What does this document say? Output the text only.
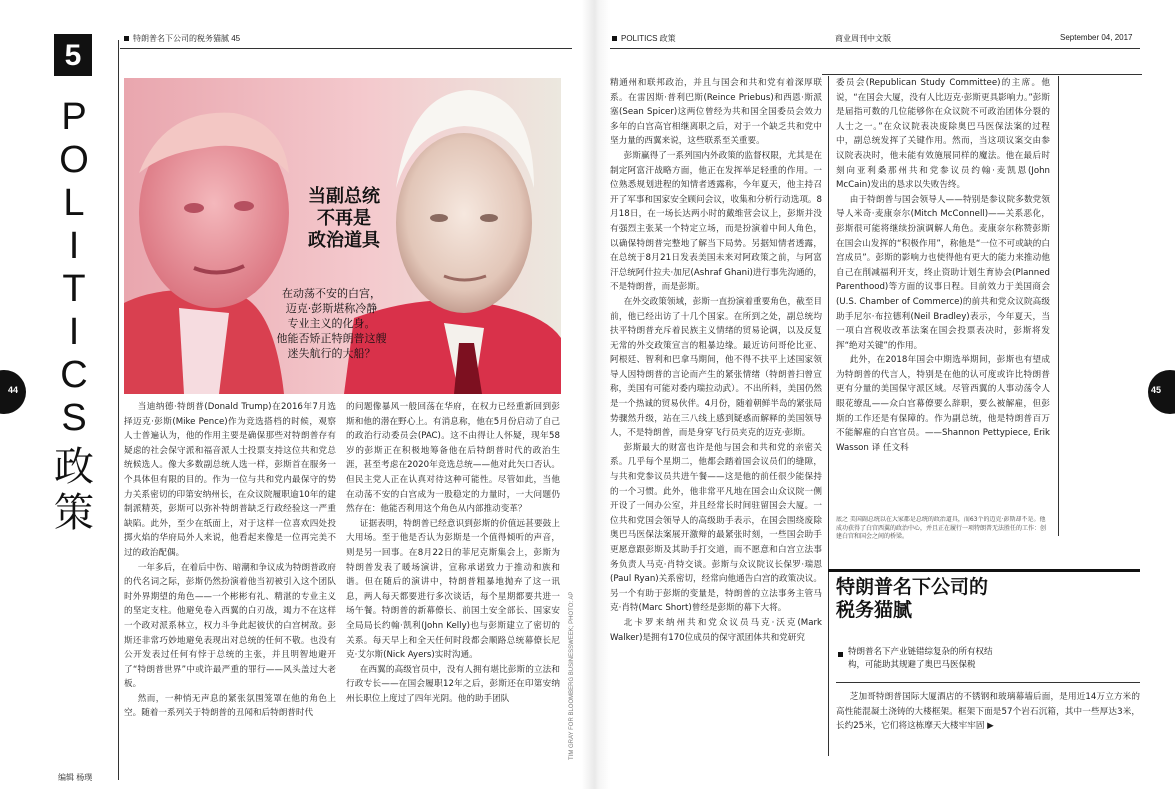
5
P
O
L
I
T
I
C
S
政
策
特朗普名下公司的税务猫腻 45
当副总统
不再是
政治道具
在动荡不安的白宫，
迈克·彭斯堪称冷静
专业主义的化身。
他能否矫正特朗普这艘
迷失航行的大船？

当迪纳德·特朗普(Donald Trump)在2016年7月选择迈克·彭斯(Mike Pence)作为竞选搭档的时候，观察人士普遍认为，他的作用主要是确保那些对特朗普存有疑虑的社会保守派和福音派人士投票支持这位共和党总统候选人。像大多数副总统人选一样，彭斯首在服务一个具体但有限的目的。作为一位与共和党内最保守的势力关系密切的印第安纳州长，在众议院履职逾10年的建制派精英，彭斯可以弥补特朗普缺乏行政经验这一严重缺陷。此外，至少在纸面上，对于这样一位喜欢四处投掷火焰的华府局外人来说，他看起来像是一位再完美不过的政治配偶。

一年多后，在着后中伤、暗潮和争议成为特朗普政府的代名词之际，彭斯仍然扮演着他当初被引入这个团队时外界期望的角色——一个彬彬有礼、精湛的专业主义的坚定支柱。他避免卷入西翼的白刃战，竭力不在这样一个政对派系林立，权力斗争此起彼伏的白宫树敌。彭斯还非常巧妙地避免表现出对总统的任何不敬。也没有公开发表过任何有悖于总统的主张，并且明智地避开了“特朗普世界”中或许最严重的罪行——风头盖过大老板。

然而，一种悄无声息的紧张氛围笼罩在他的角色上空。随着一系列关于特朗普的丑闻和后特朗普时代

的问题像暴风一般回荡在华府，在权力已经重新回到彭斯和他的潜在野心上。有消息称，他在5月份启动了自己的政治行动委员会(PAC)。这不由得让人怀疑，现年58岁的彭斯正在积极地筹备他在后特朗普时代的政治生涯，甚至考虑在2020年竞选总统——他对此矢口否认。但民主党人正在认真对待这种可能性。尽管如此，当他在动荡不安的白宫成为一股稳定的力量时，一大问题仍然存在：他能否利用这个角色从内部推动变革？

证据表明，特朗普已经意识到彭斯的价值远甚要鼓上大用场。至于他是否认为彭斯是一个值得倾听的声音，则是另一回事。在8月22日的菲尼克斯集会上，彭斯为特朗普发表了暖场演讲，宣称承诺致力于推动和族和谐。但在随后的演讲中，特朗普粗暴地抛弃了这一讯息，两人每天都要进行多次谈话，每个星期都要共进一场午餐。特朗普的新幕僚长、前国土安全部长、国家安全局局长约翰·凯利(John Kelly)也与彭斯建立了密切的关系。每天早上和全天任何时段都会顺路总统幕僚长尼克·艾尔斯(Nick Ayers)实时沟通。

在西翼的高级官员中，没有人拥有堪比彭斯的立法和行政专长——在国会履职12年之后，彭斯还在印第安纳州长职位上度过了四年光阴。他的助手团队	TIM GRAY FOR BLOOMBERG BUSINESSWEEK; PHOTO: AP
编辑 杨璞
44	45
POLITICS 政策	商业周刊中文版	September 04, 2017

精通州和联邦政治，并且与国会和共和党有着深厚联系。在雷因斯·普利巴斯(Reince Priebus)和西恩·斯派塞(Sean Spicer)这两位曾经为共和国全国委员会效力多年的白宫高官相继离职之后，对于一个缺乏共和党中坚力量的西翼来说，这些联系至关重要。

彭斯赢得了一系列国内外政策的监督权限，尤其是在制定阿富汗战略方面，他正在发挥举足轻重的作用。一位熟悉规划进程的知情者透露称，今年夏天，他主持召开了军事和国家安全顾问会议，收集和分析行动选项。8月18日，在一场长达两小时的戴维营会议上，彭斯并没有强烈主张某一个特定立场，而是扮演着中间人角色，以确保特朗普完整地了解当下局势。另据知情者透露，在总统于8月21日发表美国未来对阿政策之前，与阿富汗总统阿什拉夫·加尼(Ashraf Ghani)进行事先沟通的，不是特朗普，而是彭斯。

在外交政策领域，彭斯一直扮演着重要角色，截至目前，他已经出访了十几个国家。在所到之处，副总统均扶平特朗普充斥着民族主义情绪的贸易论调，以及反复无常的外交政策宣言的粗暴边缘。最近访问哥伦比亚、阿根廷、智利和巴拿马期间，他不得不扶平上述国家领导人因特朗普的言论而产生的紧张情绪（特朗普扫曾宣称，美国有可能对委内瑞拉动武）。不出所料，美国仍然是一个热诚的贸易伙伴。4月份，随着朝鲜半岛的紧张局势骤然升级，站在三八线上感到疑惑而解释的美国领导人，不是特朗普，而是身穿飞行员夹克的迈克·彭斯。

彭斯最大的财富也许是他与国会和共和党的亲密关系。几乎每个星期二，他都会踏着国会议员们的缝隙，与共和党参议员共进午餐——这是他的前任很少能保持的一个习惯。此外，他非常平凡地在国会山众议院一侧开设了一间办公室，并且经常长时间驻留国会大厦。一位共和党国会领导人的高级助手表示，在国会围绕废除奥巴马医保法案展开激辩的最紧张时刻，一些国会助手更愿意跟彭斯及其助手打交道，而不愿意和白宫立法事务负责人马克·肖特交谈。彭斯与众议院议长保罗·瑞恩(Paul Ryan)关系密切，经常向他通告白宫的政策决议。另一个有助于彭斯的变量是，特朗普的立法事务主管马克·肖特(Marc Short)曾经是彭斯的幕下大将。

北卡罗来纳州共和党众议员马克·沃克(Mark Walker)是拥有170位成员的保守派团体共和党研究

委员会(Republican Study Committee)的主席。他说，“在国会大厦，没有人比迈克·彭斯更具影响力。”彭斯是届指可数的几位能够你在众议院不可政治团体分裂的人士之一。”在众议院表决废除奥巴马医保法案的过程中，副总统发挥了关键作用。然而，当这项议案交由参议院表决时，他未能有效施展同样的魔法。他在最后时刻向亚利桑那州共和党参议员约翰·麦凯恩(John McCain)发出的恳求以失败告终。

由于特朗普与国会领导人——特别是参议院多数党领导人米奇·麦康奈尔(Mitch McConnell)——关系恶化，彭斯很可能将继续扮演调解人角色。麦康奈尔称赞彭斯在国会山发挥的“积极作用”，称他是“一位不可或缺的白宫成员”。彭斯的影响力也使得他有更大的能力来推动他自己在削减福利开支，终止资助计划生育协会(Planned Parenthood)等方面的议事日程。目前效力于美国商会(U.S. Chamber of Commerce)的前共和党众议院高级助手尼尔·布拉德利(Neil Bradley)表示，今年夏天，当一项白宫税收改革法案在国会投票表决时，彭斯将发挥“绝对关键”的作用。

此外，在2018年国会中期选举期间，彭斯也有望成为特朗普的代言人，特别是在他的认可度或许比特朗普更有分量的美国保守派区域。尽管西翼的人事动荡令人眼花缭乱——众白宫幕僚要么辞职，要么被解雇，但彭斯的工作还是有保障的。作为副总统，他是特朗普百万不能解雇的白宫官员。——Shannon Pettypiece, Erik Wasson 译 任文科

底之 美国副总统以在大家都是总统的政治道具，而63个的迈克·彭斯却不是。他成功获得了白宫西翼的政治中心，并且正在履行一项特朗普无法胜任的工作：创建白宫和国会之间的桥梁。
特朗普名下公司的
税务猫腻
特朗普名下产业链错综复杂的所有权结构，可能助其规避了奥巴马医保税

芝加哥特朗普国际大厦酒店的不锈钢和玻璃幕墙后面，是用近14万立方米的高性能混凝土浇铸的大楼框架。框架下面是57个岩石沉箱，其中一些厚达3米，长约25米，它们将这栋摩天大楼牢牢固 ▶
